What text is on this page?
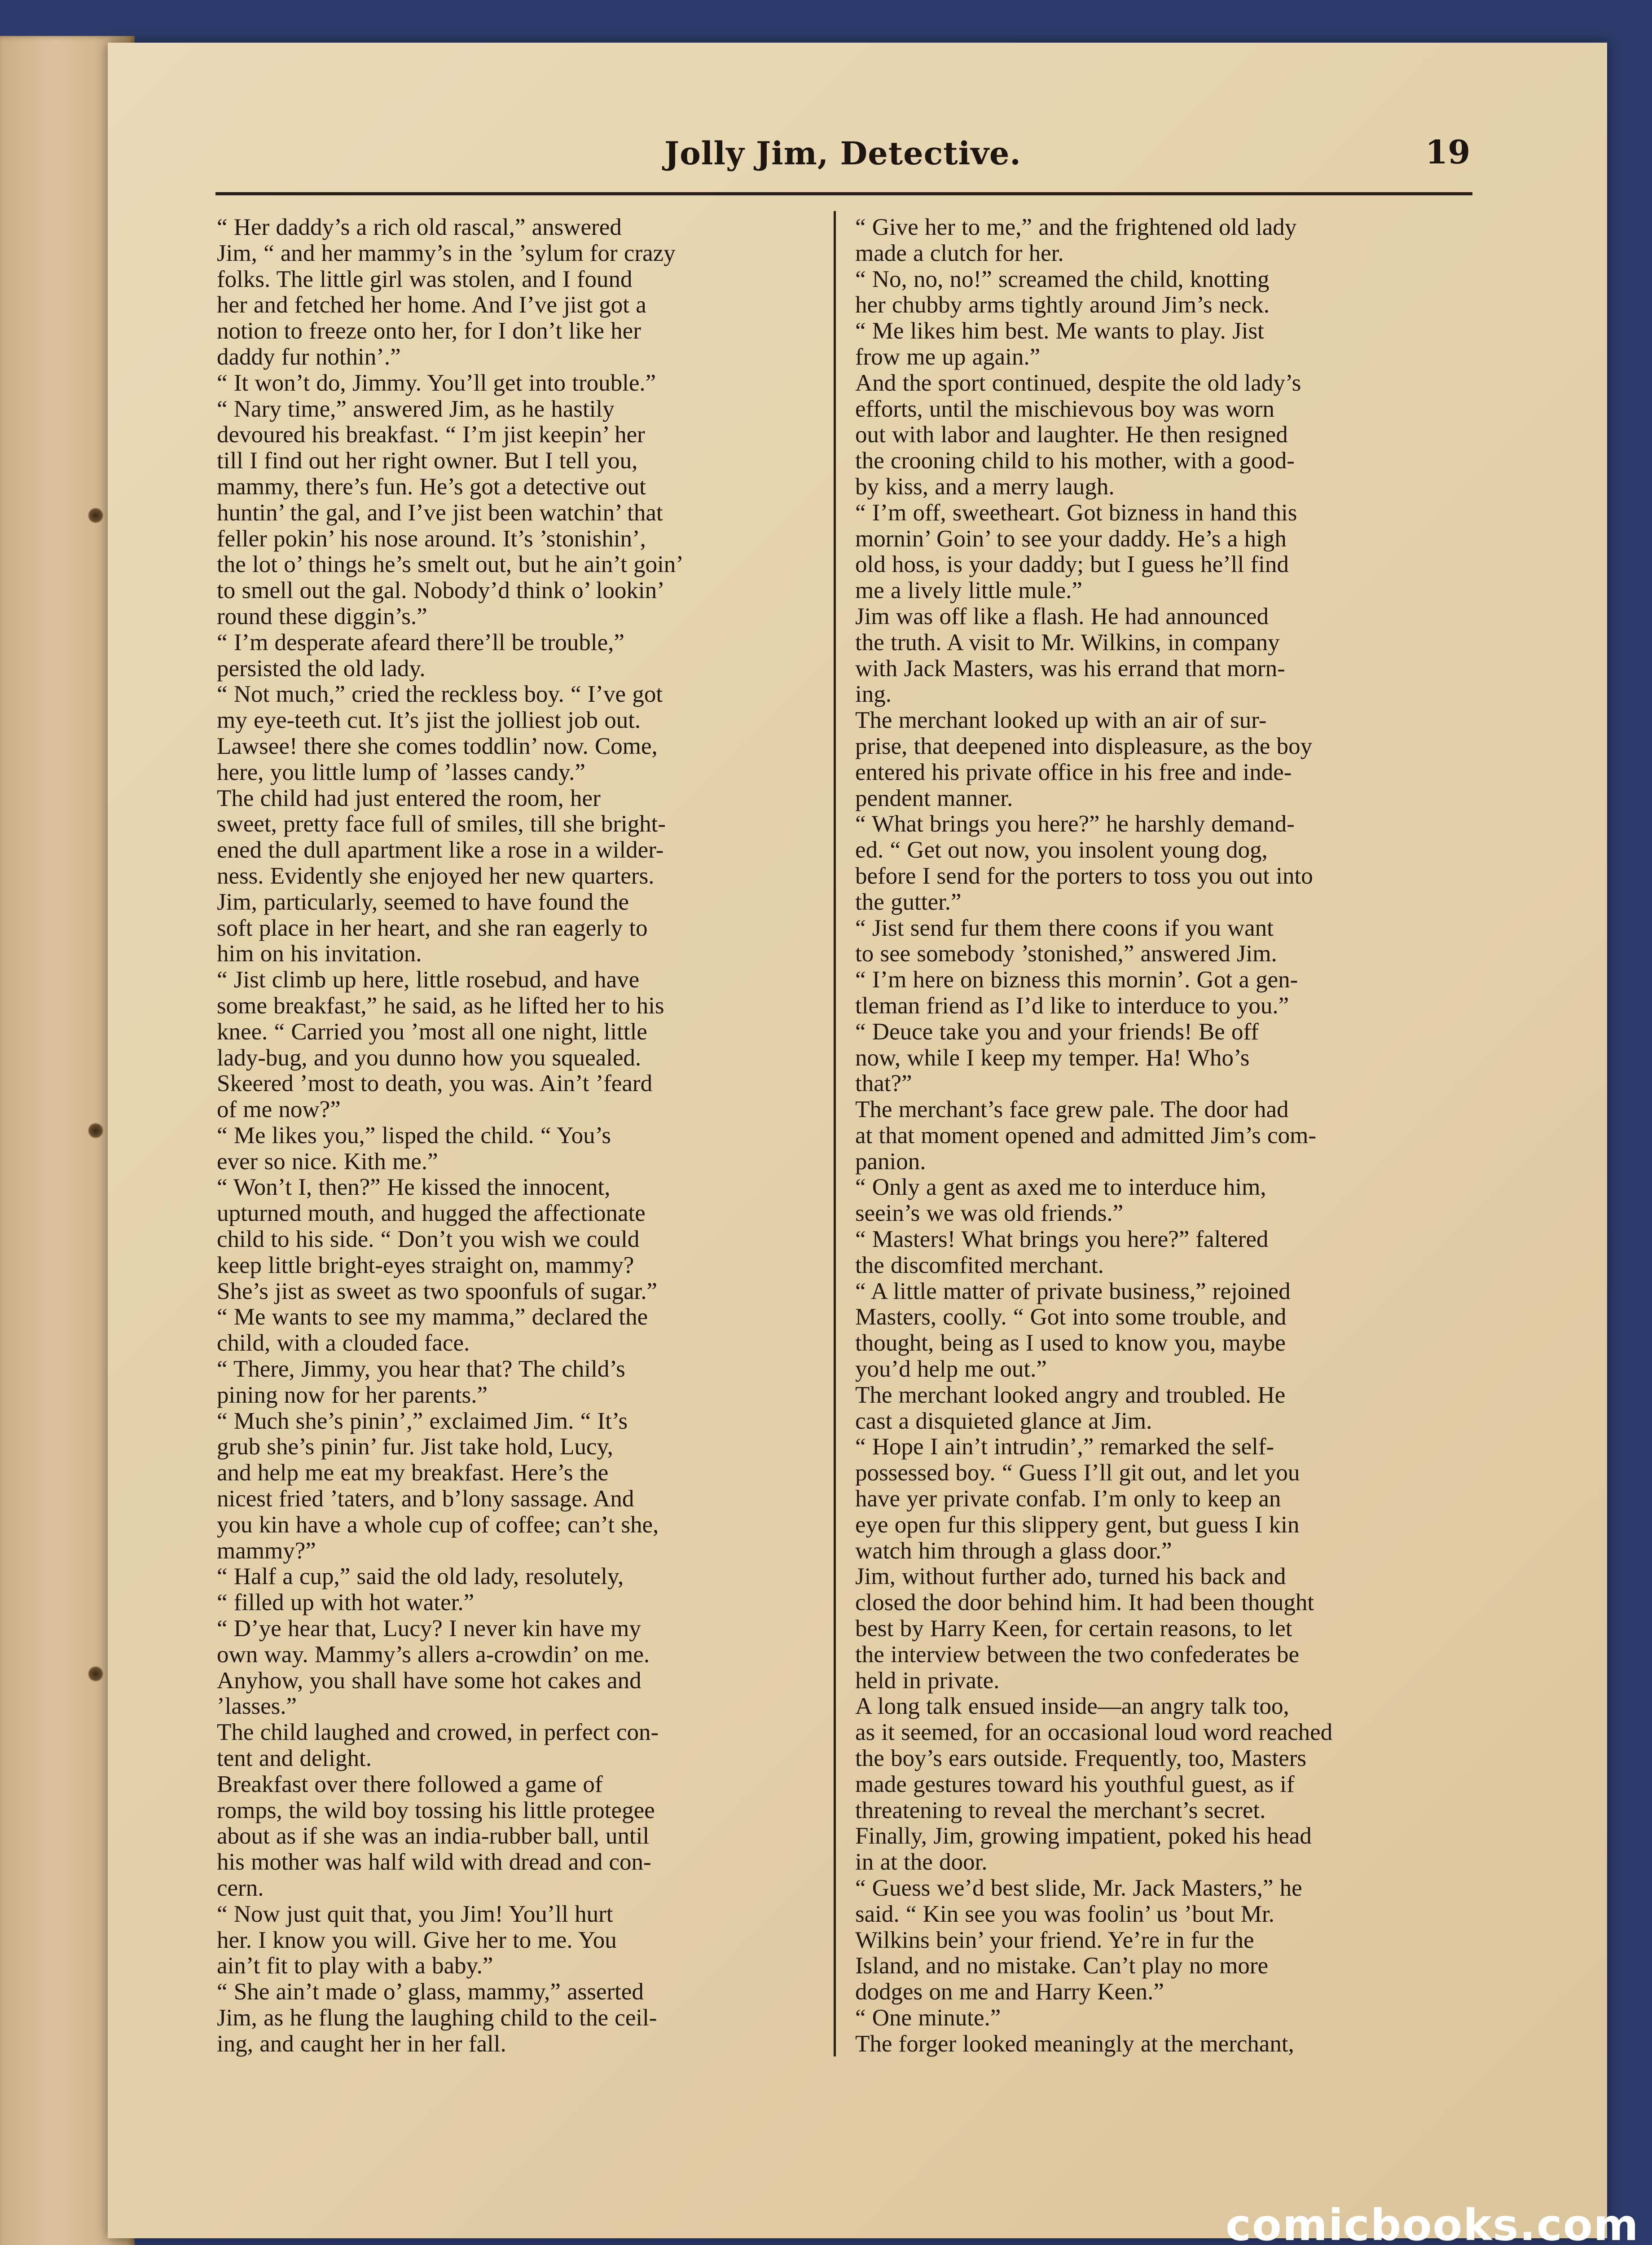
Jolly Jim, Detective.	19
“ Her daddy’s a rich old rascal,” answered
Jim, “ and her mammy’s in the ’sylum for crazy
folks. The little girl was stolen, and I found
her and fetched her home. And I’ve jist got a
notion to freeze onto her, for I don’t like her
daddy fur nothin’.”
“ It won’t do, Jimmy. You’ll get into trouble.”
“ Nary time,” answered Jim, as he hastily
devoured his breakfast. “ I’m jist keepin’ her
till I find out her right owner. But I tell you,
mammy, there’s fun. He’s got a detective out
huntin’ the gal, and I’ve jist been watchin’ that
feller pokin’ his nose around. It’s ’stonishin’,
the lot o’ things he’s smelt out, but he ain’t goin’
to smell out the gal. Nobody’d think o’ lookin’
round these diggin’s.”
“ I’m desperate afeard there’ll be trouble,”
persisted the old lady.
“ Not much,” cried the reckless boy. “ I’ve got
my eye-teeth cut. It’s jist the jolliest job out.
Lawsee! there she comes toddlin’ now. Come,
here, you little lump of ’lasses candy.”
The child had just entered the room, her
sweet, pretty face full of smiles, till she bright-
ened the dull apartment like a rose in a wilder-
ness. Evidently she enjoyed her new quarters.
Jim, particularly, seemed to have found the
soft place in her heart, and she ran eagerly to
him on his invitation.
“ Jist climb up here, little rosebud, and have
some breakfast,” he said, as he lifted her to his
knee. “ Carried you ’most all one night, little
lady-bug, and you dunno how you squealed.
Skeered ’most to death, you was. Ain’t ’feard
of me now?”
“ Me likes you,” lisped the child. “ You’s
ever so nice. Kith me.”
“ Won’t I, then?” He kissed the innocent,
upturned mouth, and hugged the affectionate
child to his side. “ Don’t you wish we could
keep little bright-eyes straight on, mammy?
She’s jist as sweet as two spoonfuls of sugar.”
“ Me wants to see my mamma,” declared the
child, with a clouded face.
“ There, Jimmy, you hear that? The child’s
pining now for her parents.”
“ Much she’s pinin’,” exclaimed Jim. “ It’s
grub she’s pinin’ fur. Jist take hold, Lucy,
and help me eat my breakfast. Here’s the
nicest fried ’taters, and b’lony sassage. And
you kin have a whole cup of coffee; can’t she,
mammy?”
“ Half a cup,” said the old lady, resolutely,
“ filled up with hot water.”
“ D’ye hear that, Lucy? I never kin have my
own way. Mammy’s allers a-crowdin’ on me.
Anyhow, you shall have some hot cakes and
’lasses.”
The child laughed and crowed, in perfect con-
tent and delight.
Breakfast over there followed a game of
romps, the wild boy tossing his little protegee
about as if she was an india-rubber ball, until
his mother was half wild with dread and con-
cern.
“ Now just quit that, you Jim! You’ll hurt
her. I know you will. Give her to me. You
ain’t fit to play with a baby.”
“ She ain’t made o’ glass, mammy,” asserted
Jim, as he flung the laughing child to the ceil-
ing, and caught her in her fall.
“ Give her to me,” and the frightened old lady
made a clutch for her.
“ No, no, no!” screamed the child, knotting
her chubby arms tightly around Jim’s neck.
“ Me likes him best. Me wants to play. Jist
frow me up again.”
And the sport continued, despite the old lady’s
efforts, until the mischievous boy was worn
out with labor and laughter. He then resigned
the crooning child to his mother, with a good-
by kiss, and a merry laugh.
“ I’m off, sweetheart. Got bizness in hand this
mornin’ Goin’ to see your daddy. He’s a high
old hoss, is your daddy; but I guess he’ll find
me a lively little mule.”
Jim was off like a flash. He had announced
the truth. A visit to Mr. Wilkins, in company
with Jack Masters, was his errand that morn-
ing.
The merchant looked up with an air of sur-
prise, that deepened into displeasure, as the boy
entered his private office in his free and inde-
pendent manner.
“ What brings you here?” he harshly demand-
ed. “ Get out now, you insolent young dog,
before I send for the porters to toss you out into
the gutter.”
“ Jist send fur them there coons if you want
to see somebody ’stonished,” answered Jim.
“ I’m here on bizness this mornin’. Got a gen-
tleman friend as I’d like to interduce to you.”
“ Deuce take you and your friends! Be off
now, while I keep my temper. Ha! Who’s
that?”
The merchant’s face grew pale. The door had
at that moment opened and admitted Jim’s com-
panion.
“ Only a gent as axed me to interduce him,
seein’s we was old friends.”
“ Masters! What brings you here?” faltered
the discomfited merchant.
“ A little matter of private business,” rejoined
Masters, coolly. “ Got into some trouble, and
thought, being as I used to know you, maybe
you’d help me out.”
The merchant looked angry and troubled. He
cast a disquieted glance at Jim.
“ Hope I ain’t intrudin’,” remarked the self-
possessed boy. “ Guess I’ll git out, and let you
have yer private confab. I’m only to keep an
eye open fur this slippery gent, but guess I kin
watch him through a glass door.”
Jim, without further ado, turned his back and
closed the door behind him. It had been thought
best by Harry Keen, for certain reasons, to let
the interview between the two confederates be
held in private.
A long talk ensued inside—an angry talk too,
as it seemed, for an occasional loud word reached
the boy’s ears outside. Frequently, too, Masters
made gestures toward his youthful guest, as if
threatening to reveal the merchant’s secret.
Finally, Jim, growing impatient, poked his head
in at the door.
“ Guess we’d best slide, Mr. Jack Masters,” he
said. “ Kin see you was foolin’ us ’bout Mr.
Wilkins bein’ your friend. Ye’re in fur the
Island, and no mistake. Can’t play no more
dodges on me and Harry Keen.”
“ One minute.”
The forger looked meaningly at the merchant,
comicbooks.com
